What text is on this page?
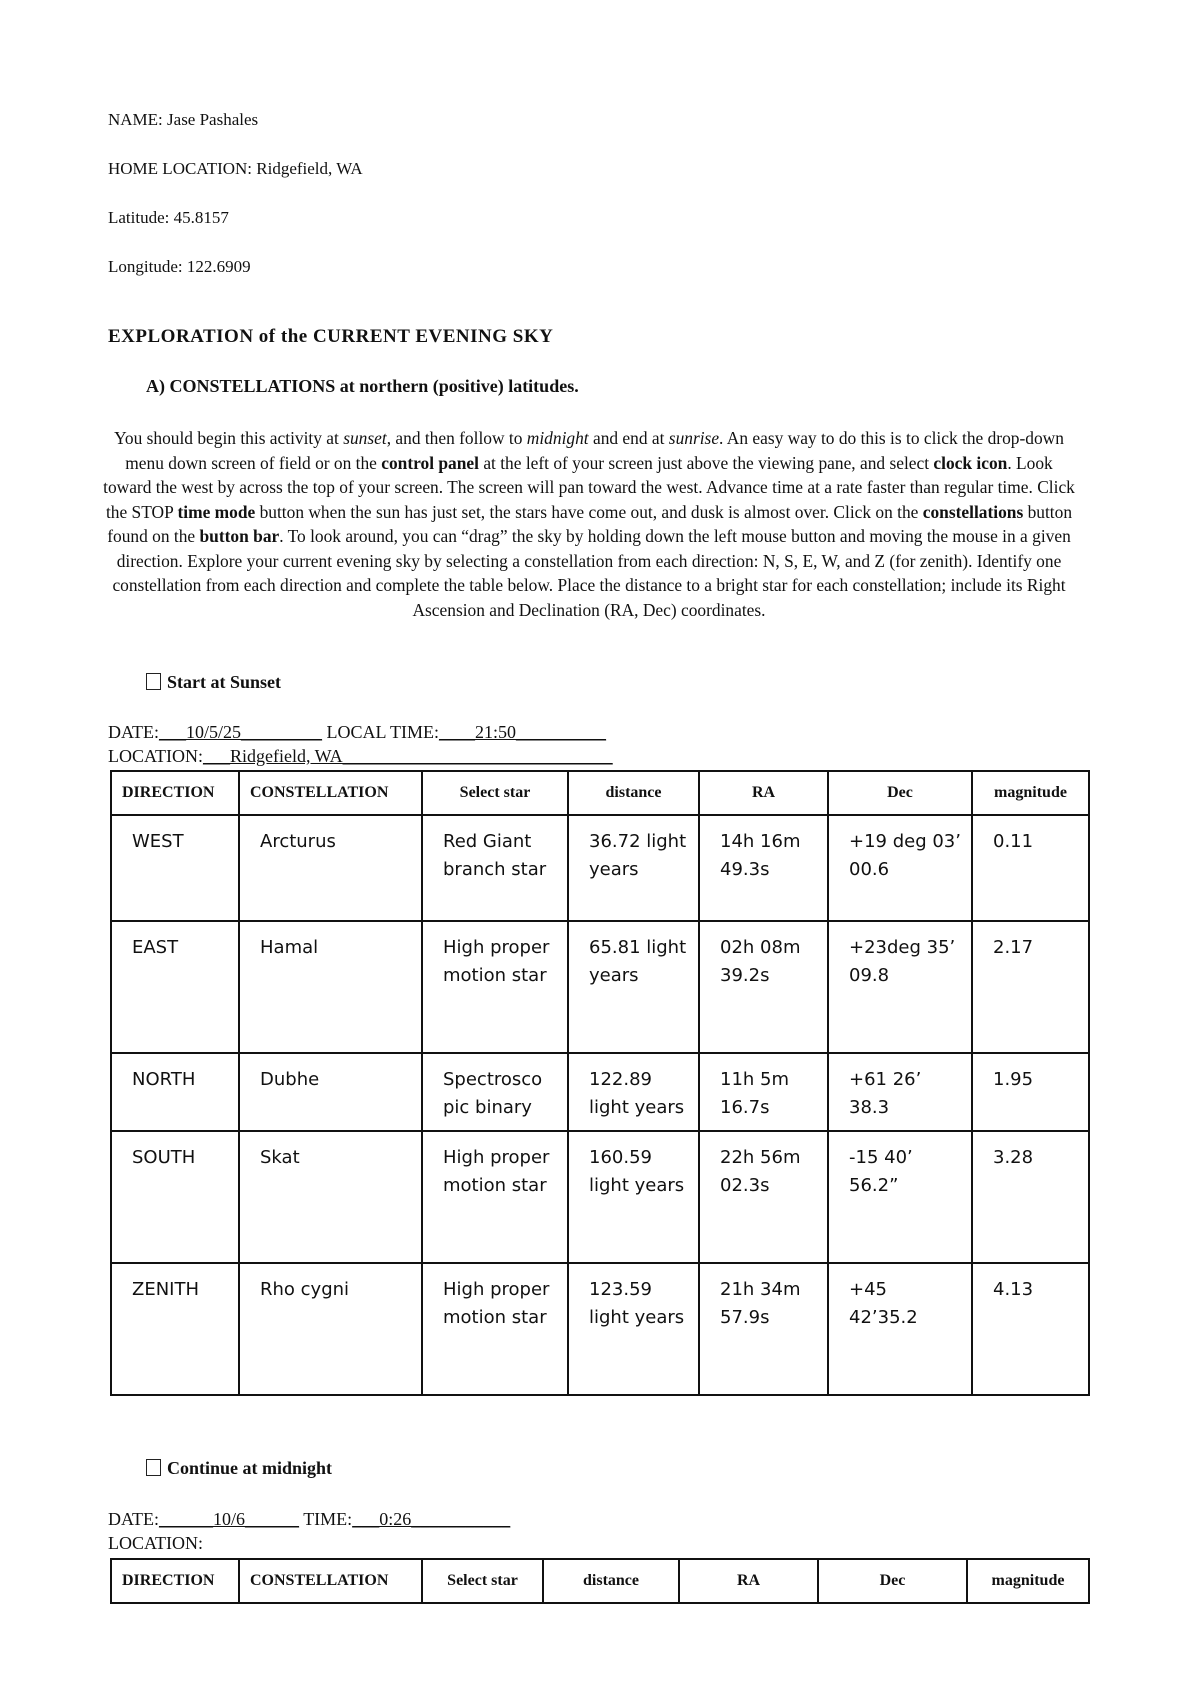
NAME: Jase Pashales
HOME LOCATION: Ridgefield, WA
Latitude: 45.8157
Longitude: 122.6909
EXPLORATION of the CURRENT EVENING SKY
A) CONSTELLATIONS at northern (positive) latitudes.
You should begin this activity at sunset, and then follow to midnight and end at sunrise. An easy way to do this is to click the drop-down menu down screen of field or on the control panel at the left of your screen just above the viewing pane, and select clock icon. Look toward the west by across the top of your screen. The screen will pan toward the west. Advance time at a rate faster than regular time. Click the STOP time mode button when the sun has just set, the stars have come out, and dusk is almost over. Click on the constellations button found on the button bar. To look around, you can “drag” the sky by holding down the left mouse button and moving the mouse in a given direction. Explore your current evening sky by selecting a constellation from each direction: N, S, E, W, and Z (for zenith). Identify one constellation from each direction and complete the table below. Place the distance to a bright star for each constellation; include its Right Ascension and Declination (RA, Dec) coordinates.
Start at Sunset
DATE:___10/5/25_________ LOCAL TIME:____21:50__________
LOCATION:___Ridgefield, WA______________________________
DIRECTION	CONSTELLATION	Select star	distance	RA	Dec	magnitude
WEST	Arcturus	Red Giant branch star	36.72 light years	14h 16m 49.3s	+19 deg 03’ 00.6	0.11
EAST	Hamal	High proper motion star	65.81 light years	02h 08m 39.2s	+23deg 35’ 09.8	2.17
NORTH	Dubhe	Spectrosco pic binary	122.89 light years	11h 5m 16.7s	+61 26’ 38.3	1.95
SOUTH	Skat	High proper motion star	160.59 light years	22h 56m 02.3s	-15 40’ 56.2”	3.28
ZENITH	Rho cygni	High proper motion star	123.59 light years	21h 34m 57.9s	+45 42’35.2	4.13
Continue at midnight
DATE:______10/6______ TIME:___0:26___________
LOCATION:
DIRECTION	CONSTELLATION	Select star	distance	RA	Dec	magnitude
